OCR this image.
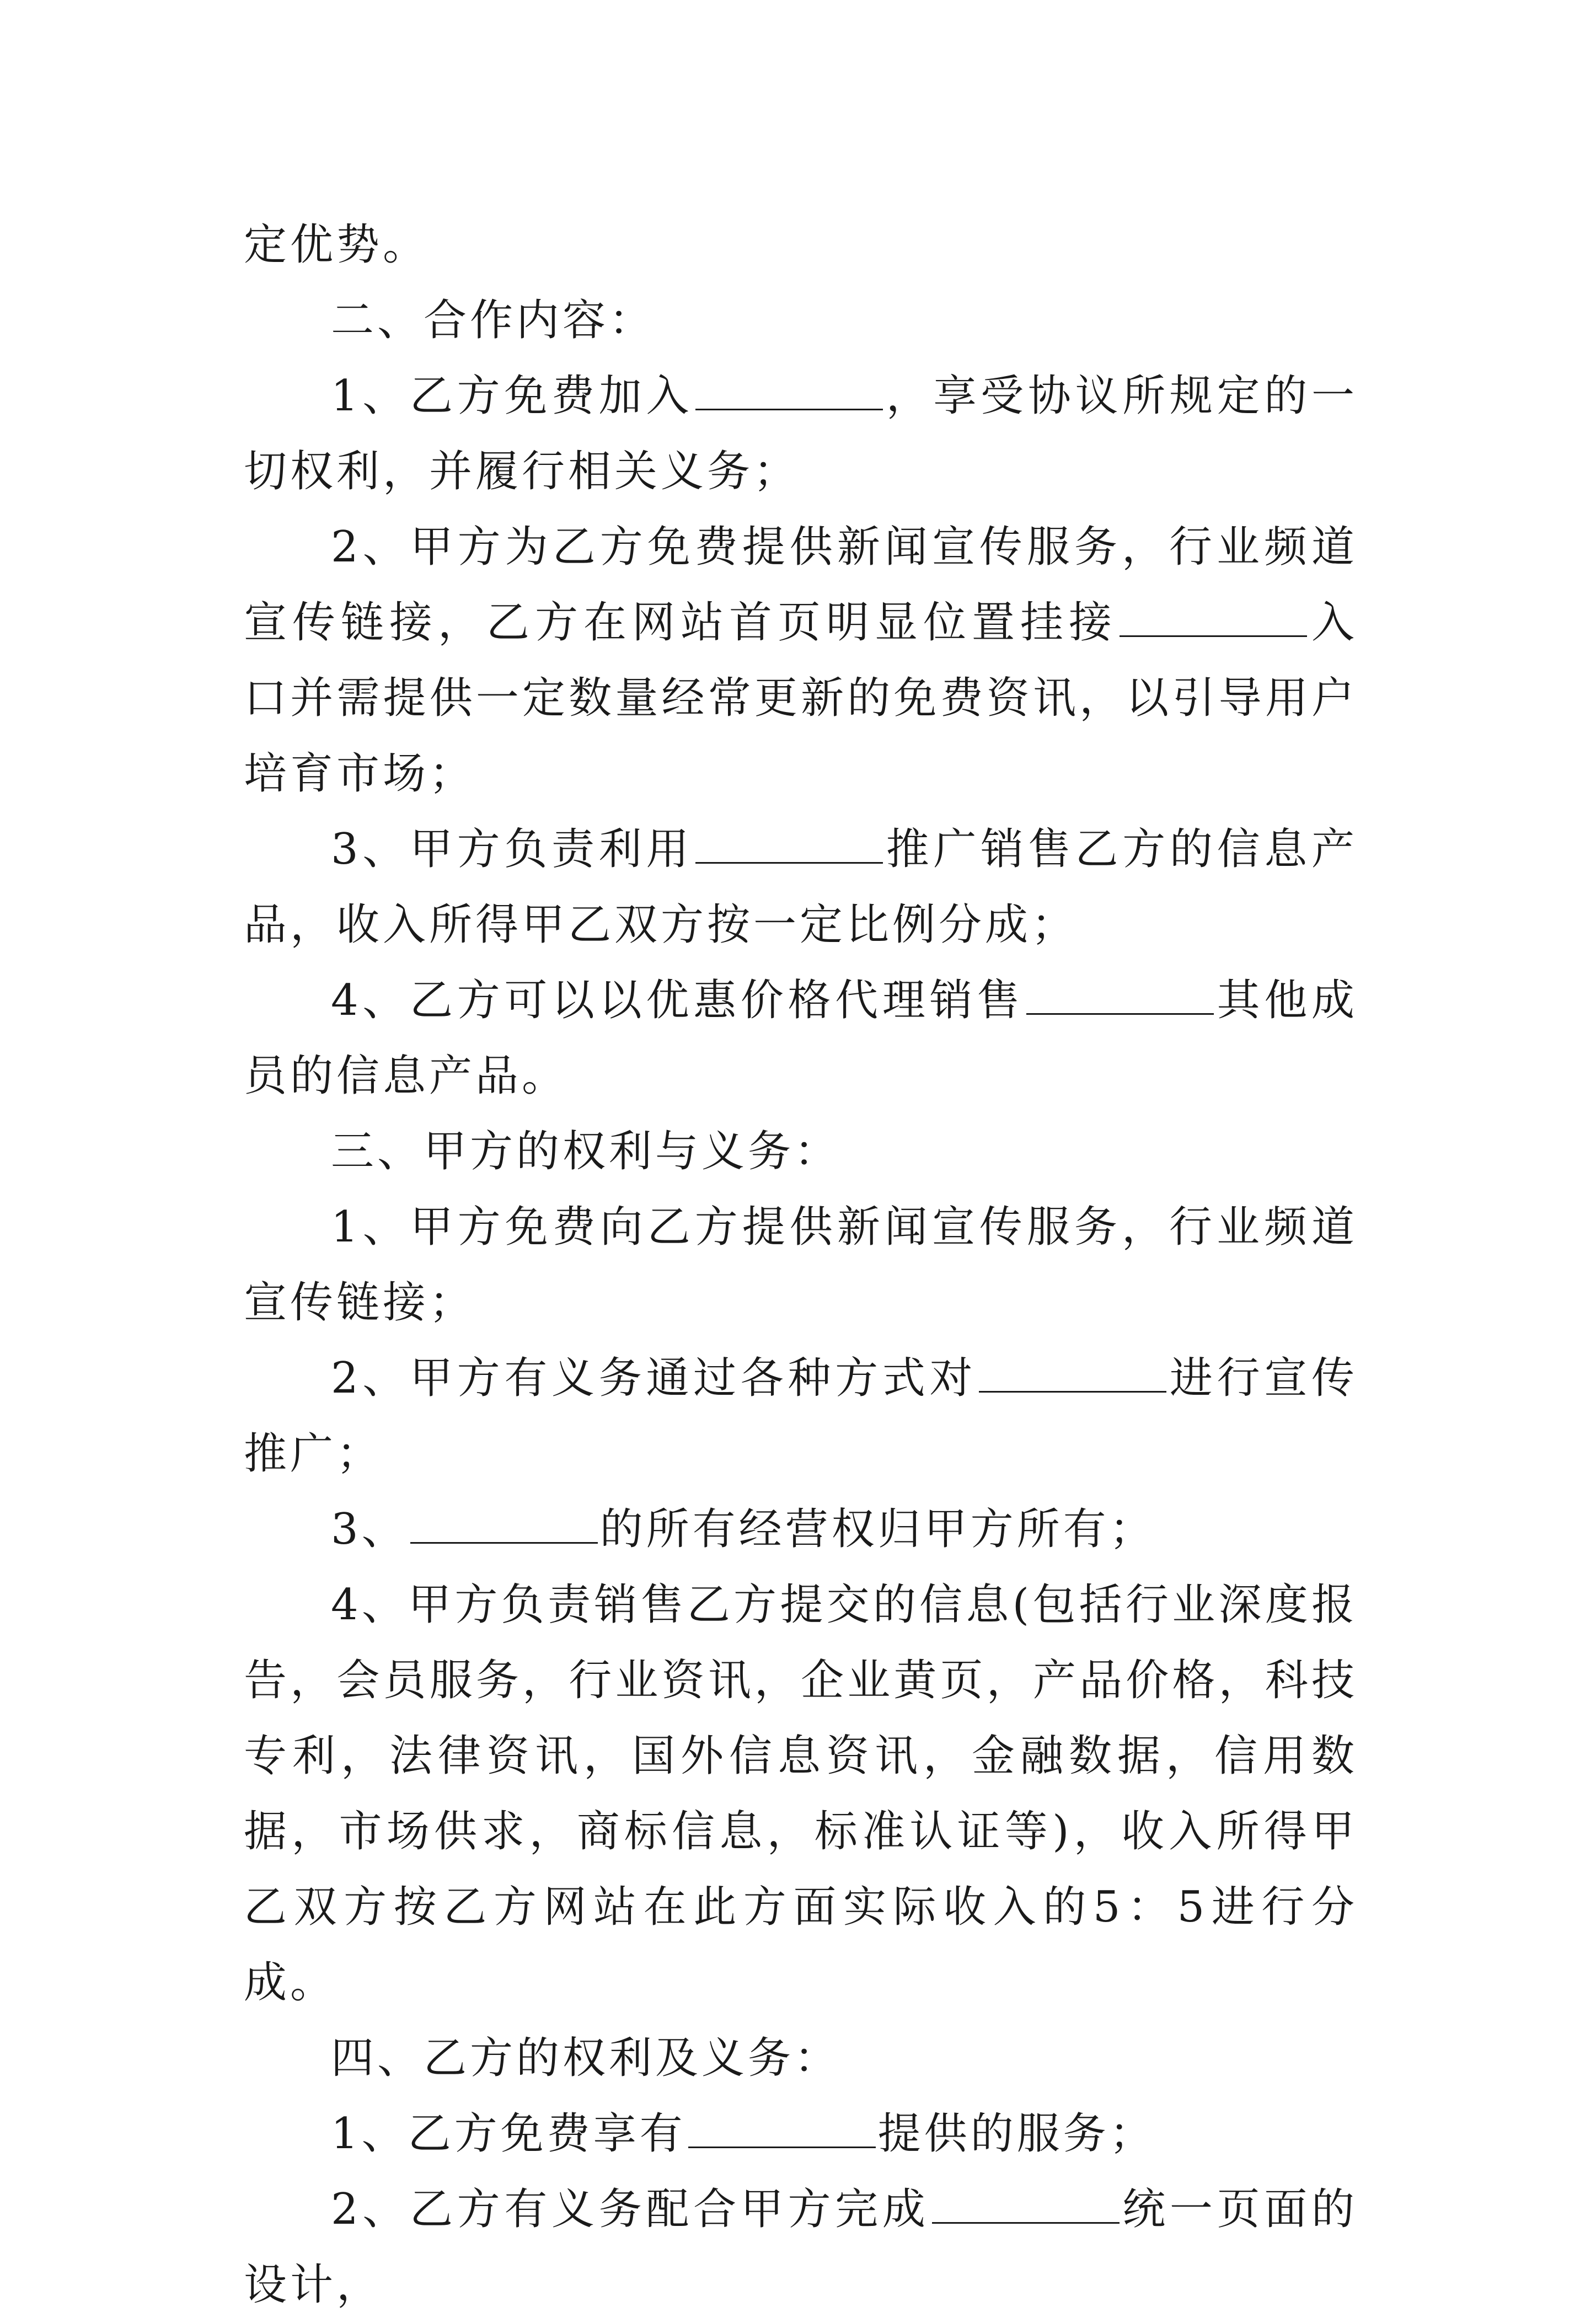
定优势。

二、合作内容：

1、乙方免费加入	，享受协议所规定的一切权利，并履行相关义务；

2、甲方为乙方免费提供新闻宣传服务，行业频道宣传链接，乙方在网站首页明显位置挂接	入口并需提供一定数量经常更新的免费资讯，以引导用户培育市场；

3、甲方负责利用	推广销售乙方的信息产品，收入所得甲乙双方按一定比例分成；

4、乙方可以以优惠价格代理销售	其他成员的信息产品。

三、甲方的权利与义务：

1、甲方免费向乙方提供新闻宣传服务，行业频道宣传链接；

2、甲方有义务通过各种方式对	进行宣传推广；

3、	的所有经营权归甲方所有；

4、甲方负责销售乙方提交的信息(包括行业深度报告，会员服务，行业资讯，企业黄页，产品价格，科技专利，法律资讯，国外信息资讯，金融数据，信用数据，市场供求，商标信息，标准认证等)，收入所得甲乙双方按乙方网站在此方面实际收入的5：5进行分成。

四、乙方的权利及义务：

1、乙方免费享有	提供的服务；

2、乙方有义务配合甲方完成	统一页面的设计，
